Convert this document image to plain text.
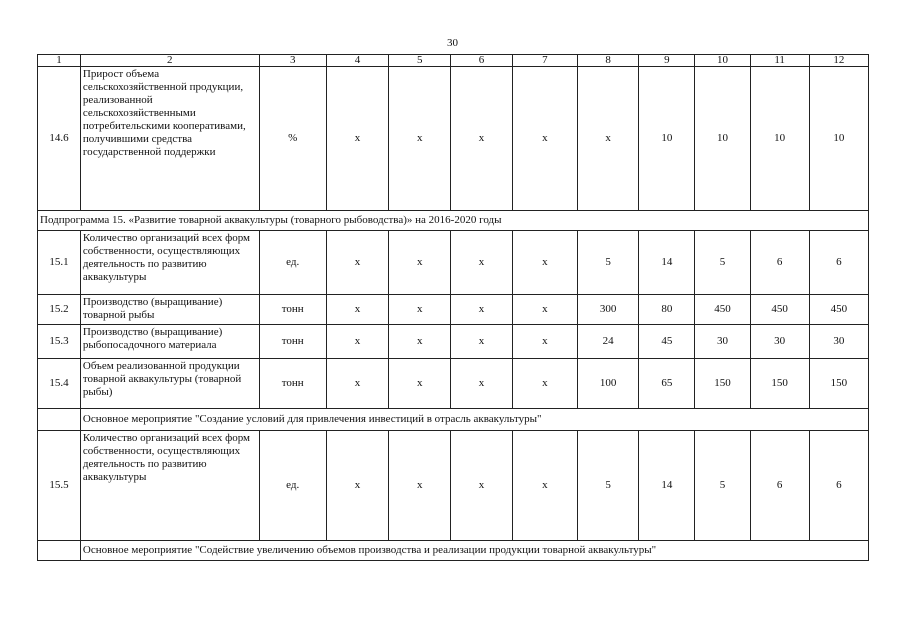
30
1	2	3	4	5	6	7	8	9	10	11	12
14.6	Прирост объема сельскохозяйственной продукции, реализованной сельскохозяйственными потребительскими кооперативами, получившими средства государственной поддержки	%	x	x	x	x	x	10	10	10	10
Подпрограмма 15. «Развитие товарной аквакультуры (товарного рыбоводства)» на 2016-2020 годы											
15.1	Количество организаций всех форм собственности, осуществляющих деятельность по развитию аквакультуры	ед.	x	x	x	x	5	14	5	6	6
15.2	Производство (выращивание) товарной рыбы	тонн	x	x	x	x	300	80	450	450	450
15.3	Производство (выращивание) рыбопосадочного материала	тонн	x	x	x	x	24	45	30	30	30
15.4	Объем реализованной продукции товарной аквакультуры (товарной рыбы)	тонн	x	x	x	x	100	65	150	150	150
	Основное мероприятие "Создание условий для привлечения инвестиций в отрасль аквакультуры"										
15.5	Количество организаций всех форм собственности, осуществляющих деятельность по развитию аквакультуры	ед.	x	x	x	x	5	14	5	6	6
	Основное мероприятие "Содействие увеличению объемов производства и реализации продукции товарной аквакультуры"										
